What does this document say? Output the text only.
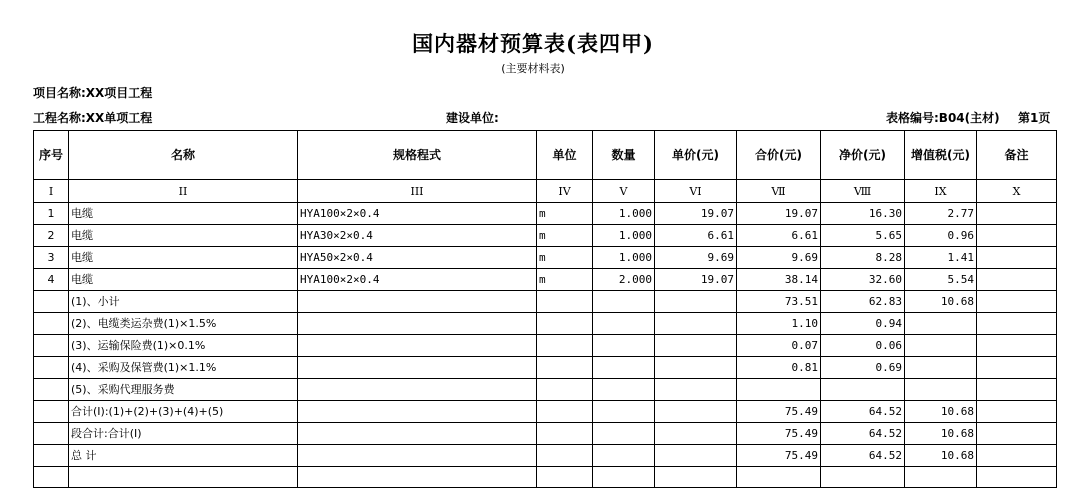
国内器材预算表(表四甲)
(主要材料表)
项目名称:XX项目工程
工程名称:XX单项工程	建设单位:	表格编号:B04(主材) 第1页
序号	名称	规格程式	单位	数量	单价(元)	合价(元)	净价(元)	增值税(元)	备注
I	II	III	IV	V	VI	Ⅶ	Ⅷ	IX	X
1	电缆	HYA100×2×0.4	m	1.000	19.07	19.07	16.30	2.77	
2	电缆	HYA30×2×0.4	m	1.000	6.61	6.61	5.65	0.96	
3	电缆	HYA50×2×0.4	m	1.000	9.69	9.69	8.28	1.41	
4	电缆	HYA100×2×0.4	m	2.000	19.07	38.14	32.60	5.54	
	(1)、小计					73.51	62.83	10.68	
	(2)、电缆类运杂费(1)×1.5%					1.10	0.94		
	(3)、运输保险费(1)×0.1%					0.07	0.06		
	(4)、采购及保管费(1)×1.1%					0.81	0.69		
	(5)、采购代理服务费								
	合计(I):(1)+(2)+(3)+(4)+(5)					75.49	64.52	10.68	
	段合计:合计(I)					75.49	64.52	10.68	
	总 计					75.49	64.52	10.68	
